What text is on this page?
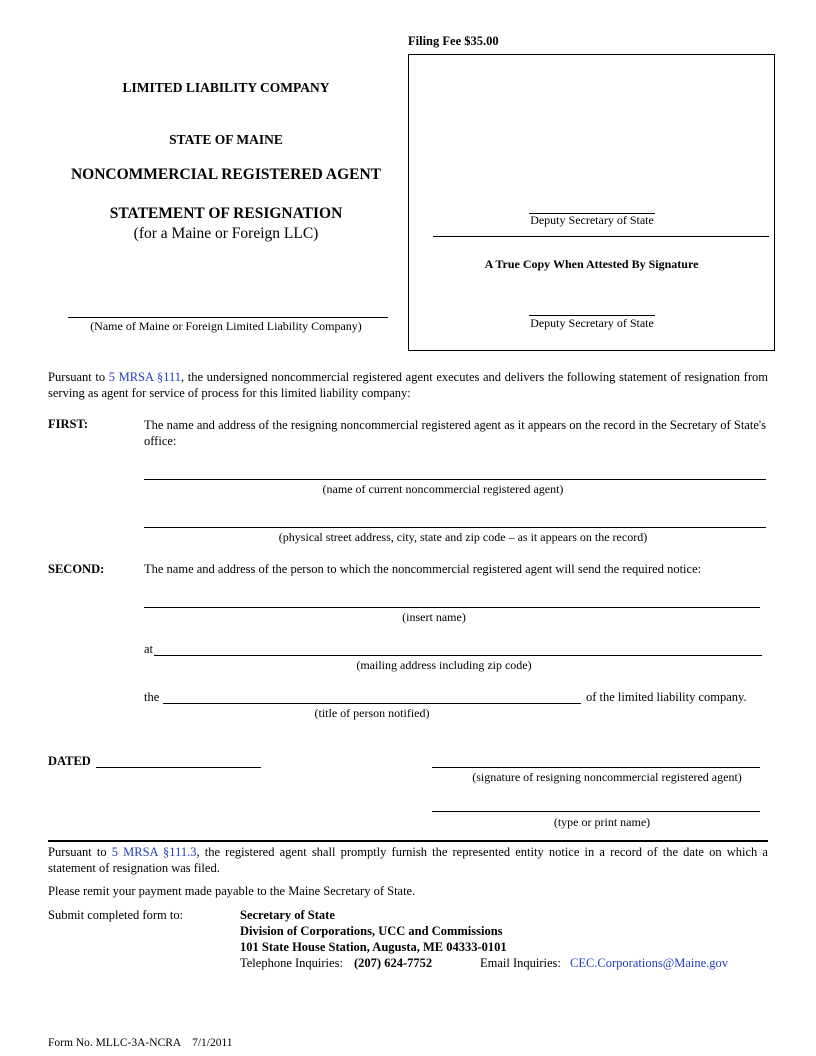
Filing Fee $35.00
LIMITED LIABILITY COMPANY
STATE OF MAINE
NONCOMMERCIAL REGISTERED AGENT
STATEMENT OF RESIGNATION
(for a Maine or Foreign LLC)
(Name of Maine or Foreign Limited Liability Company)
Deputy Secretary of State
A True Copy When Attested By Signature
Deputy Secretary of State
Pursuant to 5 MRSA §111, the undersigned noncommercial registered agent executes and delivers the following statement of resignation from serving as agent for service of process for this limited liability company:
FIRST:	The name and address of the resigning noncommercial registered agent as it appears on the record in the Secretary of State's office:
(name of current noncommercial registered agent)
(physical street address, city, state and zip code – as it appears on the record)
SECOND:	The name and address of the person to which the noncommercial registered agent will send the required notice:
(insert name)
at
(mailing address including zip code)
the	of the limited liability company.
(title of person notified)
DATED
(signature of resigning noncommercial registered agent)
(type or print name)
Pursuant to 5 MRSA §111.3, the registered agent shall promptly furnish the represented entity notice in a record of the date on which a statement of resignation was filed.
Please remit your payment made payable to the Maine Secretary of State.
Submit completed form to:	Secretary of State
Division of Corporations, UCC and Commissions
101 State House Station, Augusta, ME 04333-0101
Telephone Inquiries: (207) 624-7752	Email Inquiries: CEC.Corporations@Maine.gov
Form No. MLLC-3A-NCRA    7/1/2011
